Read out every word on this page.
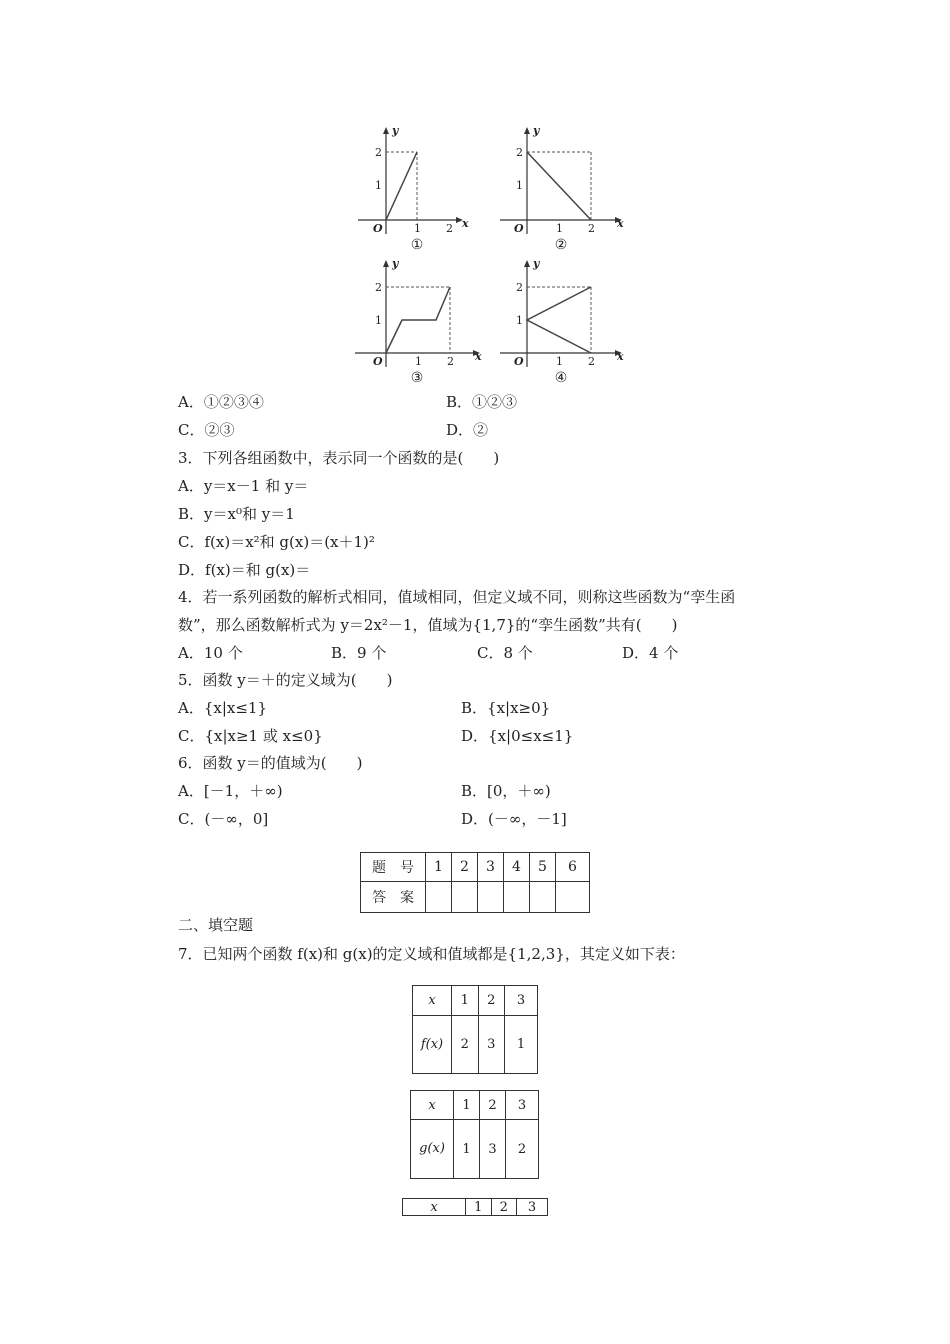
y
x
O
2
1
1 2
①
y
x
O
2
1
1 2
②
y
x
O
2
1
1 2
③
y
x
O
2
1
1 2
④
A．①②③④	B．①②③
C．②③	D．②
3．下列各组函数中，表示同一个函数的是(　　)
A．y＝x－1 和 y＝
B．y＝x⁰和 y＝1
C．f(x)＝x²和 g(x)＝(x＋1)²
D．f(x)＝和 g(x)＝
4．若一系列函数的解析式相同，值域相同，但定义域不同，则称这些函数为“孪生函
数”，那么函数解析式为 y＝2x²－1，值域为{1,7}的“孪生函数”共有(　　)
A．10 个	B．9 个	C．8 个	D．4 个
5．函数 y＝＋的定义域为(　　)
A．{x|x≤1}	B．{x|x≥0}
C．{x|x≥1 或 x≤0}	D．{x|0≤x≤1}
6．函数 y＝的值域为(　　)
A．[－1，＋∞)	B．[0，＋∞)
C．(－∞，0]	D．(－∞，－1]
题　号	1	2	3	4	5	6
答　案						
二、填空题
7．已知两个函数 f(x)和 g(x)的定义域和值域都是{1,2,3}，其定义如下表：
x	1	2	3
f(x)	2	3	1
x	1	2	3
g(x)	1	3	2
x	1	2	3
